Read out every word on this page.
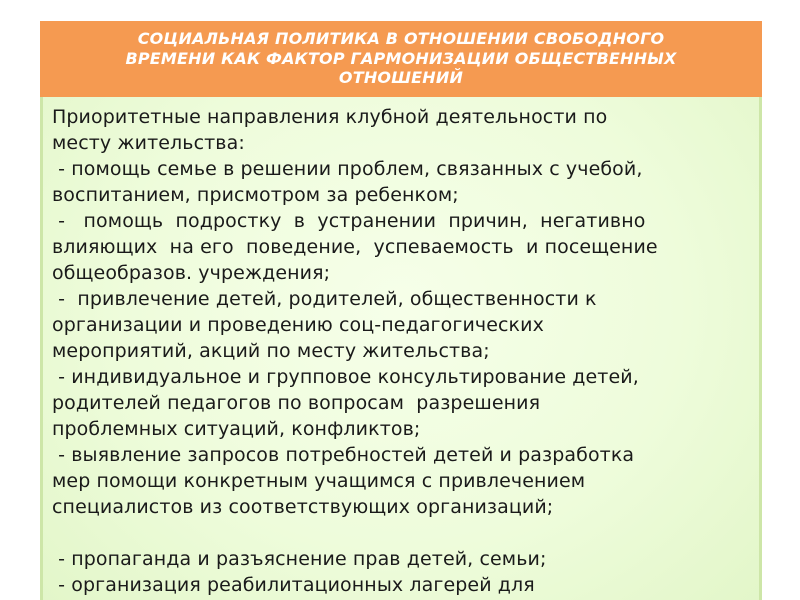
СОЦИАЛЬНАЯ ПОЛИТИКА В ОТНОШЕНИИ СВОБОДНОГО
ВРЕМЕНИ КАК ФАКТОР ГАРМОНИЗАЦИИ ОБЩЕСТВЕННЫХ
ОТНОШЕНИЙ
Приоритетные направления клубной деятельности по
месту жительства:
- помощь семье в решении проблем, связанных с учебой,
воспитанием, присмотром за ребенком;
-   помощь  подростку  в  устранении  причин,  негативно
влияющих  на его  поведение,  успеваемость  и посещение
общеобразов. учреждения;
-  привлечение детей, родителей, общественности к
организации и проведению соц-педагогических
мероприятий, акций по месту жительства;
- индивидуальное и групповое консультирование детей,
родителей педагогов по вопросам  разрешения
проблемных ситуаций, конфликтов;
- выявление запросов потребностей детей и разработка
мер помощи конкретным учащимся с привлечением
специалистов из соответствующих организаций;
- пропаганда и разъяснение прав детей, семьи;
- организация реабилитационных лагерей для
